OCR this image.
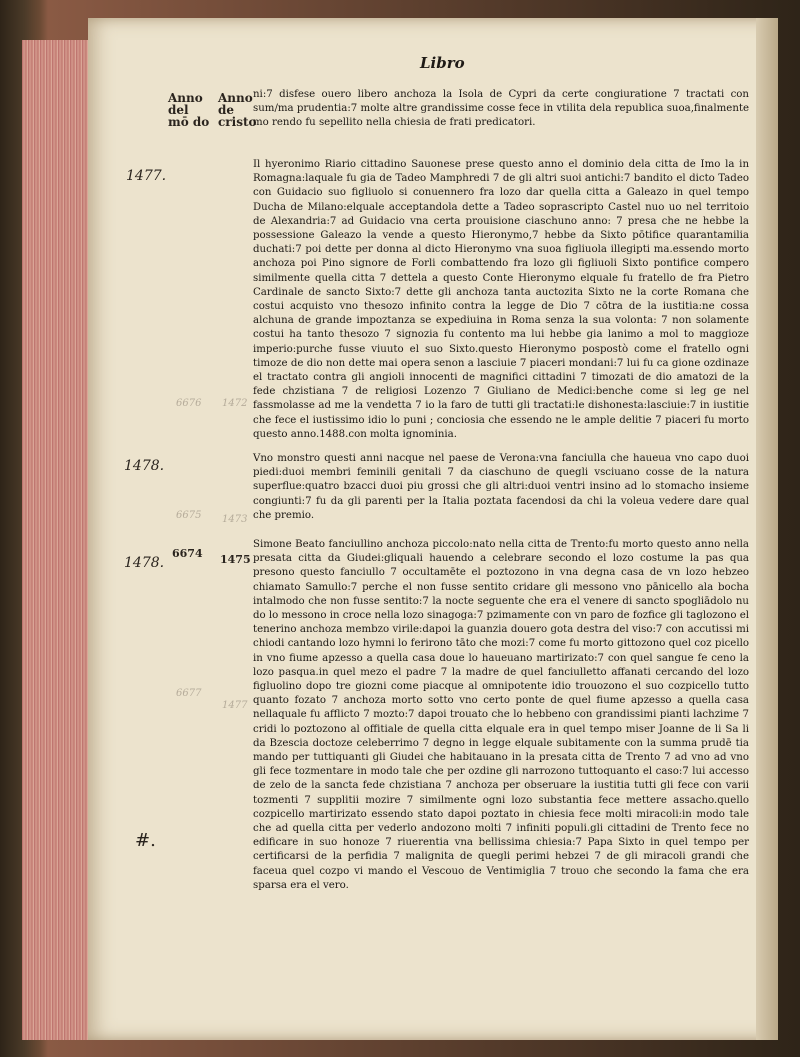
Libro
Anno del mō do
Anno de cristo
1477.
1478.
1478.
6674 1475
6676 1472
6675 1473
6677
1477

ni:7 disfese ouero libero anchoza la Isola de Cypri da certe congiuratione 7 tractati con sum/ma prudentia:7 molte altre grandissime cosse fece in vtilita dela republica suoa,finalmente mo rendo fu sepellito nella chiesia de frati predicatori.

Il hyeronimo Riario cittadino Sauonese prese questo anno el dominio dela citta de Imo la in Romagna:laquale fu gia de Tadeo Mamphredi 7 de gli altri suoi antichi:7 bandito el dicto Tadeo con Guidacio suo figliuolo si conuennero fra lozo dar quella citta a Galeazo in quel tempo Ducha de Milano:elquale acceptandola dette a Tadeo soprascripto Castel nuo uo nel territoio de Alexandria:7 ad Guidacio vna certa prouisione ciaschuno anno: 7 presa che ne hebbe la possessione Galeazo la vende a questo Hieronymo,7 hebbe da Sixto pōtifice quarantamilia duchati:7 poi dette per donna al dicto Hieronymo vna suoa figliuola illegipti ma.essendo morto anchoza poi Pino signore de Forli combattendo fra lozo gli figliuoli Sixto pontifice compero similmente quella citta 7 dettela a questo Conte Hieronymo elquale fu fratello de fra Pietro Cardinale de sancto Sixto:7 dette gli anchoza tanta auctozita Sixto ne la corte Romana che costui acquisto vno thesozo infinito contra la legge de Dio 7 cōtra de la iustitia:ne cossa alchuna de grande impoztanza se expediuina in Roma senza la sua volonta: 7 non solamente costui ha tanto thesozo 7 signozia fu contento ma lui hebbe gia lanimo a mol to maggioze imperio:purche fusse viuuto el suo Sixto.questo Hieronymo pospostò come el fratello ogni timoze de dio non dette mai opera senon a lasciuie 7 piaceri mondani:7 lui fu ca gione ozdinaze el tractato contra gli angioli innocenti de magnifici cittadini 7 timozati de dio amatozi de la fede chzistiana 7 de religiosi Lozenzo 7 Giuliano de Medici:benche come si leg ge nel fassmolasse ad me la vendetta 7 io la faro de tutti gli tractati:le dishonesta:lasciuie:7 in iustitie che fece el iustissimo idio lo puni ; conciosia che essendo ne le ample delitie 7 piaceri fu morto questo anno.1488.con molta ignominia.

Vno monstro questi anni nacque nel paese de Verona:vna fanciulla che haueua vno capo duoi piedi:duoi membri feminili genitali 7 da ciaschuno de quegli vsciuano cosse de la natura superflue:quatro bzacci duoi piu grossi che gli altri:duoi ventri insino ad lo stomacho insieme congiunti:7 fu da gli parenti per la Italia poztata facendosi da chi la voleua vedere dare qual che premio.

Simone Beato fanciullino anchoza piccolo:nato nella citta de Trento:fu morto questo anno nella presata citta da Giudei:gliquali hauendo a celebrare secondo el lozo costume la pas qua presono questo fanciullo 7 occultamēte el poztozono in vna degna casa de vn lozo hebzeo chiamato Samullo:7 perche el non fusse sentito cridare gli messono vno pānicello ala bocha intalmodo che non fusse sentito:7 la nocte seguente che era el venere di sancto spogliādolo nu do lo messono in croce nella lozo sinagoga:7 pzimamente con vn paro de fozfice gli taglozono el tenerino anchoza membzo virile:dapoi la guanzia douero gota destra del viso:7 con accutissi mi chiodi cantando lozo hymni lo ferirono tāto che mozi:7 come fu morto gittozono quel coz picello in vno fiume apzesso a quella casa doue lo haueuano martirizato:7 con quel sangue fe ceno la lozo pasqua.in quel mezo el padre 7 la madre de quel fanciulletto affanati cercando del lozo figluolino dopo tre giozni come piacque al omnipotente idio trouozono el suo cozpicello tutto quanto fozato 7 anchoza morto sotto vno certo ponte de quel fiume apzesso a quella casa nellaquale fu afflicto 7 mozto:7 dapoi trouato che lo hebbeno con grandissimi pianti lachzime 7 cridi lo poztozono al offitiale de quella citta elquale era in quel tempo miser Joanne de li Sa li da Bzescia doctoze celeberrimo 7 degno in legge elquale subitamente con la summa prudē tia mando per tuttiquanti gli Giudei che habitauano in la presata citta de Trento 7 ad vno ad vno gli fece tozmentare in modo tale che per ozdine gli narrozono tuttoquanto el caso:7 lui accesso de zelo de la sancta fede chzistiana 7 anchoza per obseruare la iustitia tutti gli fece con varii tozmenti 7 supplitii mozire 7 similmente ogni lozo substantia fece mettere assacho.quello cozpicello martirizato essendo stato dapoi poztato in chiesia fece molti miracoli:in modo tale che ad quella citta per vederlo andozono molti 7 infiniti populi.gli cittadini de Trento fece no edificare in suo honoze 7 riuerentia vna bellissima chiesia:7 Papa Sixto in quel tempo per certificarsi de la perfidia 7 malignita de quegli perimi hebzei 7 de gli miracoli grandi che faceua quel cozpo vi mando el Vescouo de Ventimiglia 7 trouo che secondo la fama che era sparsa era el vero.

#.
